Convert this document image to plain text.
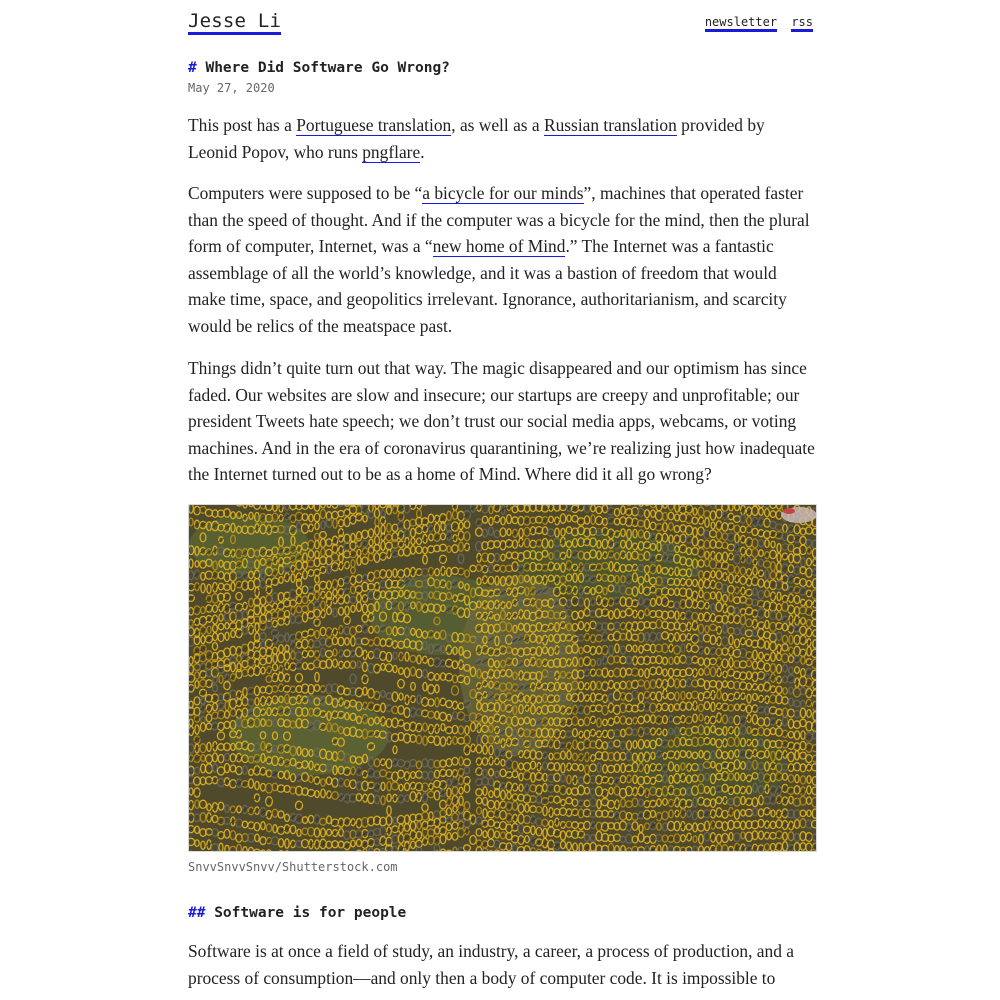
Jesse Li	newsletter rss
# Where Did Software Go Wrong?
May 27, 2020

This post has a Portuguese translation, as well as a Russian translation provided by Leonid Popov, who runs pngflare.

Computers were supposed to be “a bicycle for our minds”, machines that operated faster than the speed of thought. And if the computer was a bicycle for the mind, then the plural form of computer, Internet, was a “new home of Mind.” The Internet was a fantastic assemblage of all the world’s knowledge, and it was a bastion of freedom that would make time, space, and geopolitics irrelevant. Ignorance, authoritarianism, and scarcity would be relics of the meatspace past.

Things didn’t quite turn out that way. The magic disappeared and our optimism has since faded. Our websites are slow and insecure; our startups are creepy and unprofitable; our president Tweets hate speech; we don’t trust our social media apps, webcams, or voting machines. And in the era of coronavirus quarantining, we’re realizing just how inadequate the Internet turned out to be as a home of Mind. Where did it all go wrong?

SnvvSnvvSnvv/Shutterstock.com
## Software is for people

Software is at once a field of study, an industry, a career, a process of production, and a process of consumption—and only then a body of computer code. It is impossible to
